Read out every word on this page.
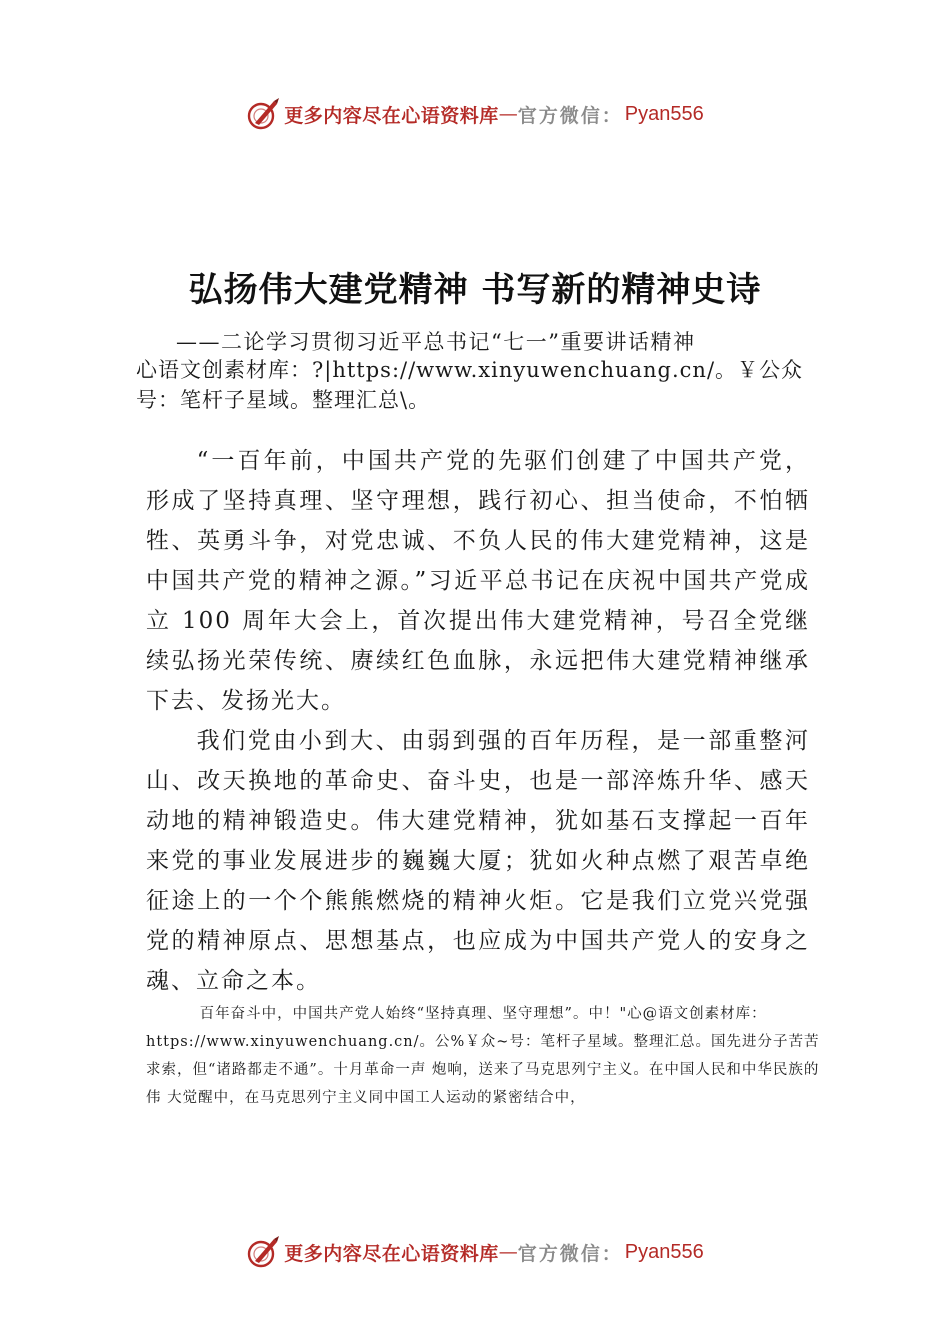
更多内容尽在心语资料库 — 官方微信： Pyan556
弘扬伟大建党精神 书写新的精神史诗
——二论学习贯彻习近平总书记“七一”重要讲话精神
心语文创素材库：?|https://www.xinyuwenchuang.cn/。￥公众号：笔杆子星域。整理汇总\。

“一百年前，中国共产党的先驱们创建了中国共产党，形成了坚持真理、坚守理想，践行初心、担当使命，不怕牺牲、英勇斗争，对党忠诚、不负人民的伟大建党精神，这是中国共产党的精神之源。”习近平总书记在庆祝中国共产党成立 100 周年大会上，首次提出伟大建党精神，号召全党继续弘扬光荣传统、赓续红色血脉，永远把伟大建党精神继承下去、发扬光大。

我们党由小到大、由弱到强的百年历程，是一部重整河山、改天换地的革命史、奋斗史，也是一部淬炼升华、感天动地的精神锻造史。伟大建党精神，犹如基石支撑起一百年来党的事业发展进步的巍巍大厦；犹如火种点燃了艰苦卓绝征途上的一个个熊熊燃烧的精神火炬。它是我们立党兴党强党的精神原点、思想基点，也应成为中国共产党人的安身之魂、立命之本。

百年奋斗中，中国共产党人始终“坚持真理、坚守理想”。中！"心@语文创素材库：https://www.xinyuwenchuang.cn/。公%￥众~号：笔杆子星域。整理汇总。国先进分子苦苦求索，但“诸路都走不通”。十月革命一声 炮响，送来了马克思列宁主义。在中国人民和中华民族的伟 大觉醒中，在马克思列宁主义同中国工人运动的紧密结合中，
更多内容尽在心语资料库 — 官方微信： Pyan556
